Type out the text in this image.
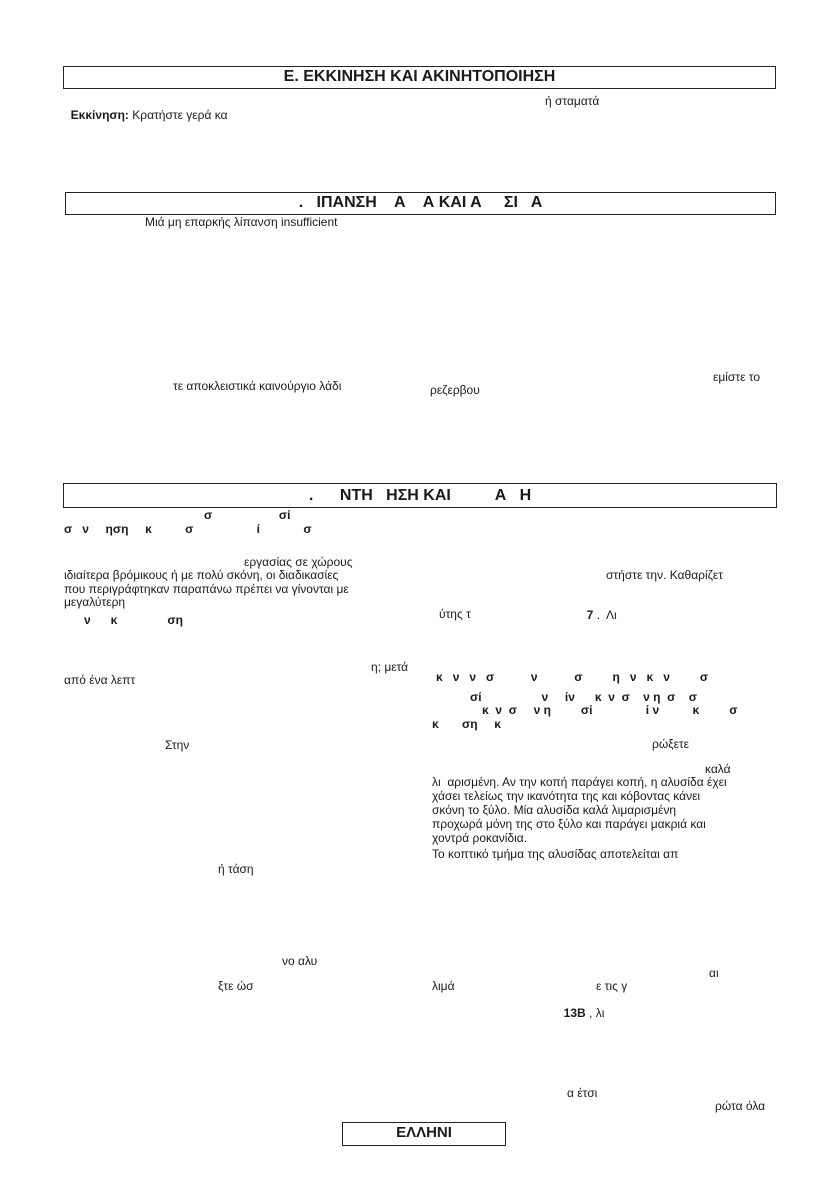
Ε. ΕΚΚΙΝΗΣΗ ΚΑΙ ΑΚΙΝΗΤΟΠΟΙΗΣΗ

Εκκίνηση: Κρατήστε γερά κα

ή σταματά

.   ΙΠΑΝΣΗ    Α    Α ΚΑΙ Α     ΣΙ   Α

Μιά μη επαρκής λίπανση insufficient

εμίστε το

τε αποκλειστικά καινούργιο λάδι	ρεζερβου

.      ΝΤΗ   ΗΣΗ ΚΑΙ          Α   Η

σ                    σί

σ   ν     ηση     κ          σ                   ί             σ

εργασίας σε χώρους

ιδιαίτερα βρόμικους ή με πολύ σκόνη, οι διαδικασίες

που περιγράφτηκαν παραπάνω πρέπει να γίνονται με

μεγαλύτερη

ν      κ               ση

η; μετά

από ένα λεπτ

Στην

ή τάση

νο αλυ

ξτε ώσ

στήστε την. Καθαρίζετ

7 .  Λι

ύτης τ

κ   ν   ν   σ           ν           σ         η   ν   κ   ν         σ

σί                  ν     ίν      κ  ν  σ    ν η  σ    σ

κ  ν  σ     ν η         σί                ί ν          κ         σ

κ       ση     κ

ρώξετε

καλά

λι  αρισμένη. Αν την κοπή παράγει κοπή, η αλυσίδα έχει
χάσει τελείως την ικανότητα της και κόβοντας κάνει
σκόνη το ξύλο. Μία αλυσίδα καλά λιμαρισμένη
προχωρά μόνη της στο ξύλο και παράγει μακριά και
χοντρά ροκανίδια.

Το κοπτικό τμήμα της αλυσίδας αποτελείται απ

αι

λιμά	ε τις γ

13B , λι

α έτσι

ρώτα όλα

ΕΛΛΗΝΙ
